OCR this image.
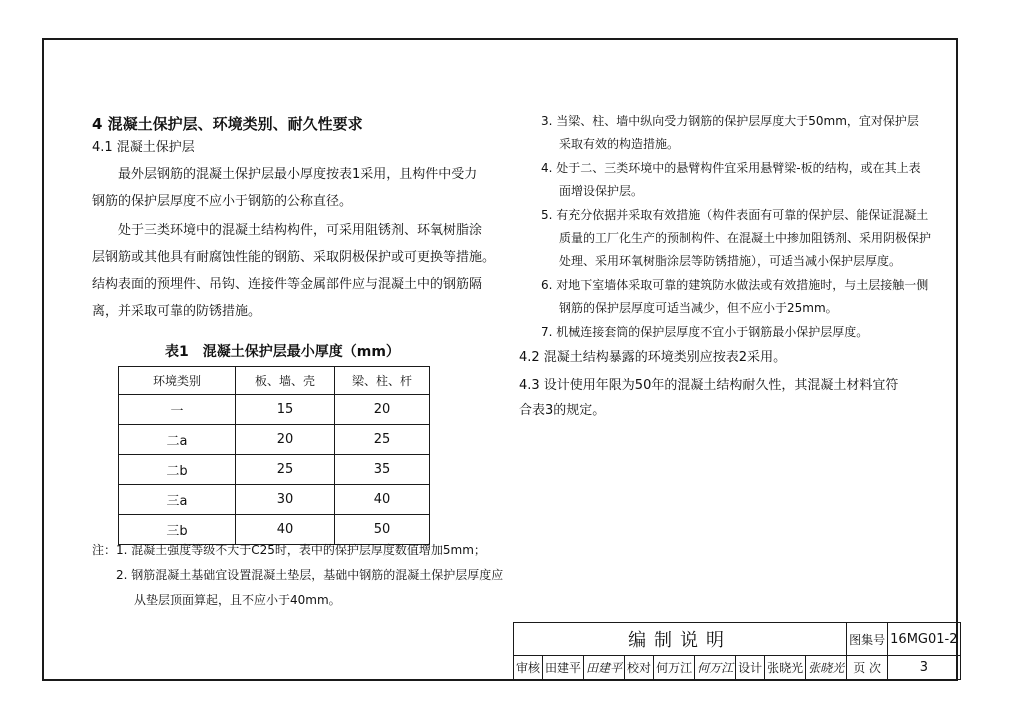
4 混凝土保护层、环境类别、耐久性要求
4.1 混凝土保护层
最外层钢筋的混凝土保护层最小厚度按表1采用，且构件中受力
钢筋的保护层厚度不应小于钢筋的公称直径。
处于三类环境中的混凝土结构构件，可采用阻锈剂、环氧树脂涂
层钢筋或其他具有耐腐蚀性能的钢筋、采取阴极保护或可更换等措施。
结构表面的预埋件、吊钩、连接件等金属部件应与混凝土中的钢筋隔
离，并采取可靠的防锈措施。
表1　混凝土保护层最小厚度（mm）
环境类别	板、墙、壳	梁、柱、杆
一	15	20
二a	20	25
二b	25	35
三a	30	40
三b	40	50
注：1. 混凝土强度等级不大于C25时，表中的保护层厚度数值增加5mm；
2. 钢筋混凝土基础宜设置混凝土垫层，基础中钢筋的混凝土保护层厚度应
从垫层顶面算起，且不应小于40mm。
3. 当梁、柱、墙中纵向受力钢筋的保护层厚度大于50mm，宜对保护层
采取有效的构造措施。
4. 处于二、三类环境中的悬臂构件宜采用悬臂梁-板的结构，或在其上表
面增设保护层。
5. 有充分依据并采取有效措施（构件表面有可靠的保护层、能保证混凝土
质量的工厂化生产的预制构件、在混凝土中掺加阻锈剂、采用阴极保护
处理、采用环氧树脂涂层等防锈措施），可适当减小保护层厚度。
6. 对地下室墙体采取可靠的建筑防水做法或有效措施时，与土层接触一侧
钢筋的保护层厚度可适当减少，但不应小于25mm。
7. 机械连接套筒的保护层厚度不宜小于钢筋最小保护层厚度。
4.2 混凝土结构暴露的环境类别应按表2采用。
4.3 设计使用年限为50年的混凝土结构耐久性，其混凝土材料宜符
合表3的规定。
编制说明									图集号	16MG01-2
审核	田建平	田建平	校对	何万江	何万江	设计	张晓光	张晓光	页 次	3
